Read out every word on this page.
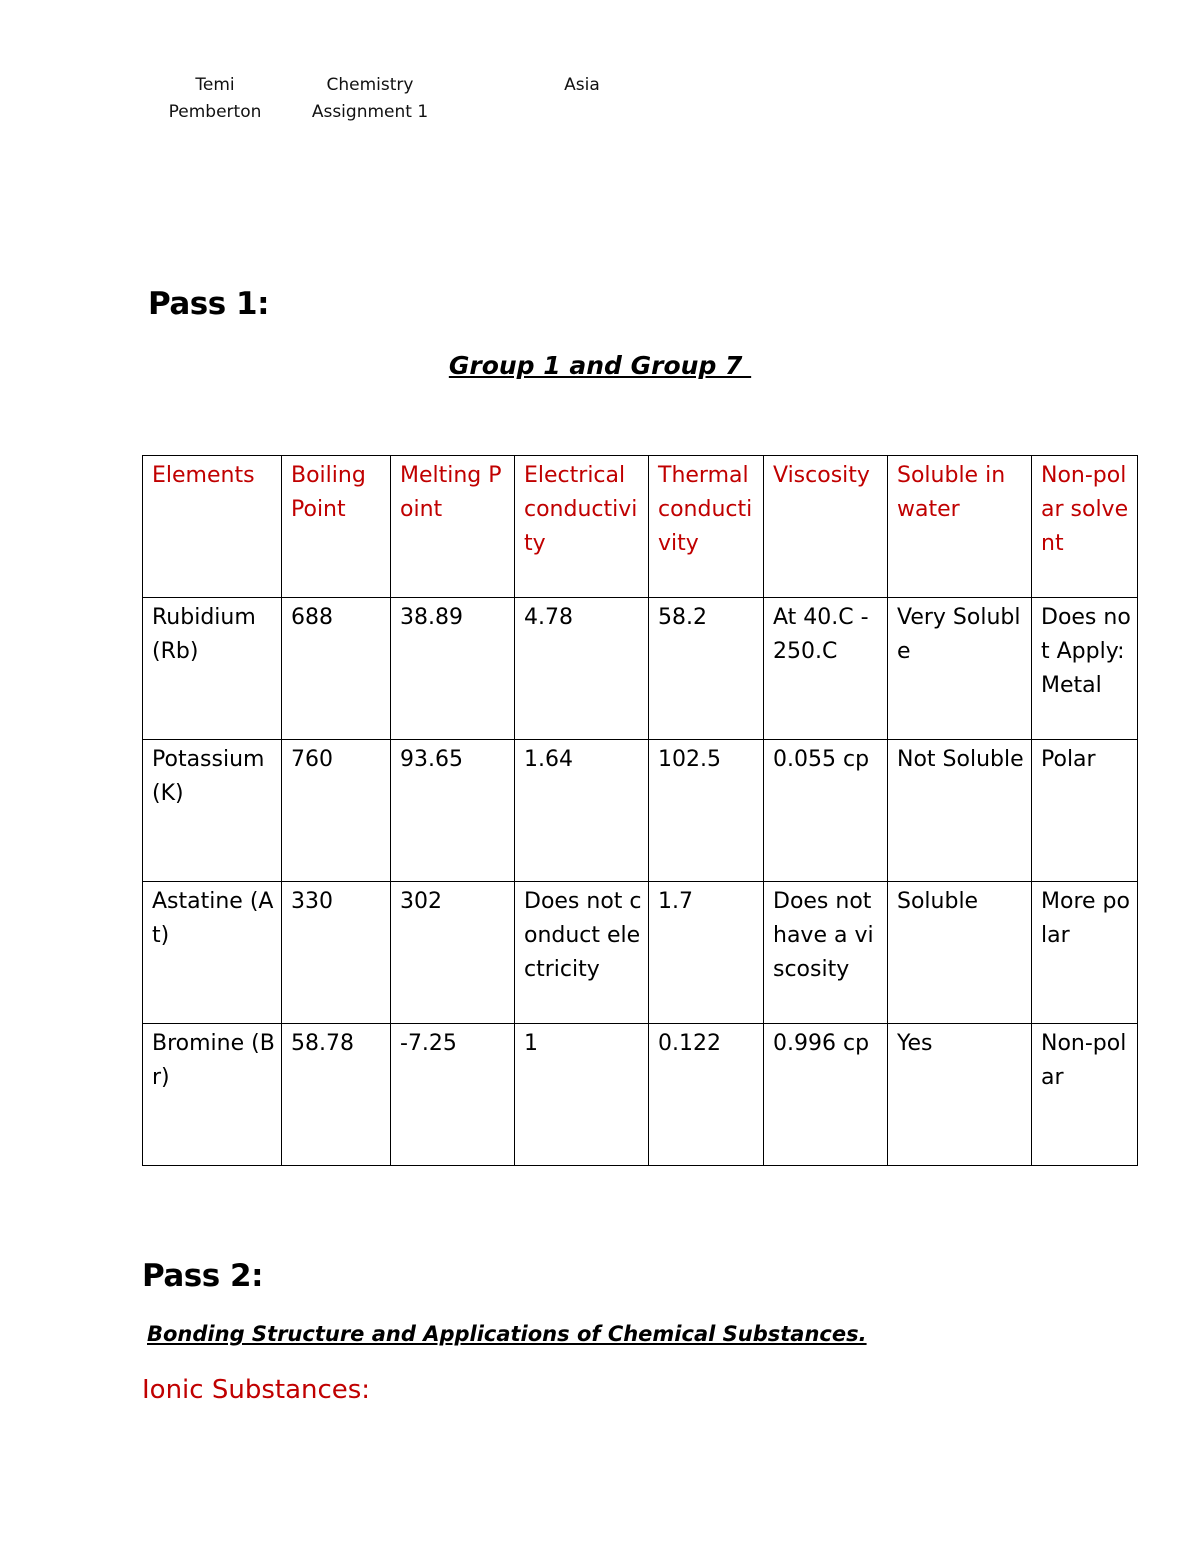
Temi
Pemberton
Chemistry
Assignment 1
Asia
Pass 1:
Group 1 and Group 7
Elements	Boiling Point	Melting Point	Electrical conductivity	Thermal conductivity	Viscosity	Soluble in water	Non-polar solvent
Rubidium (Rb)	688	38.89	4.78	58.2	At 40.C - 250.C	Very Soluble	Does not Apply: Metal
Potassium (K)	760	93.65	1.64	102.5	0.055 cp	Not Soluble	Polar
Astatine (At)	330	302	Does not conduct electricity	1.7	Does not have a viscosity	Soluble	More polar
Bromine (Br)	58.78	-7.25	1	0.122	0.996 cp	Yes	Non-polar
Pass 2:
Bonding Structure and Applications of Chemical Substances.
Ionic Substances:
